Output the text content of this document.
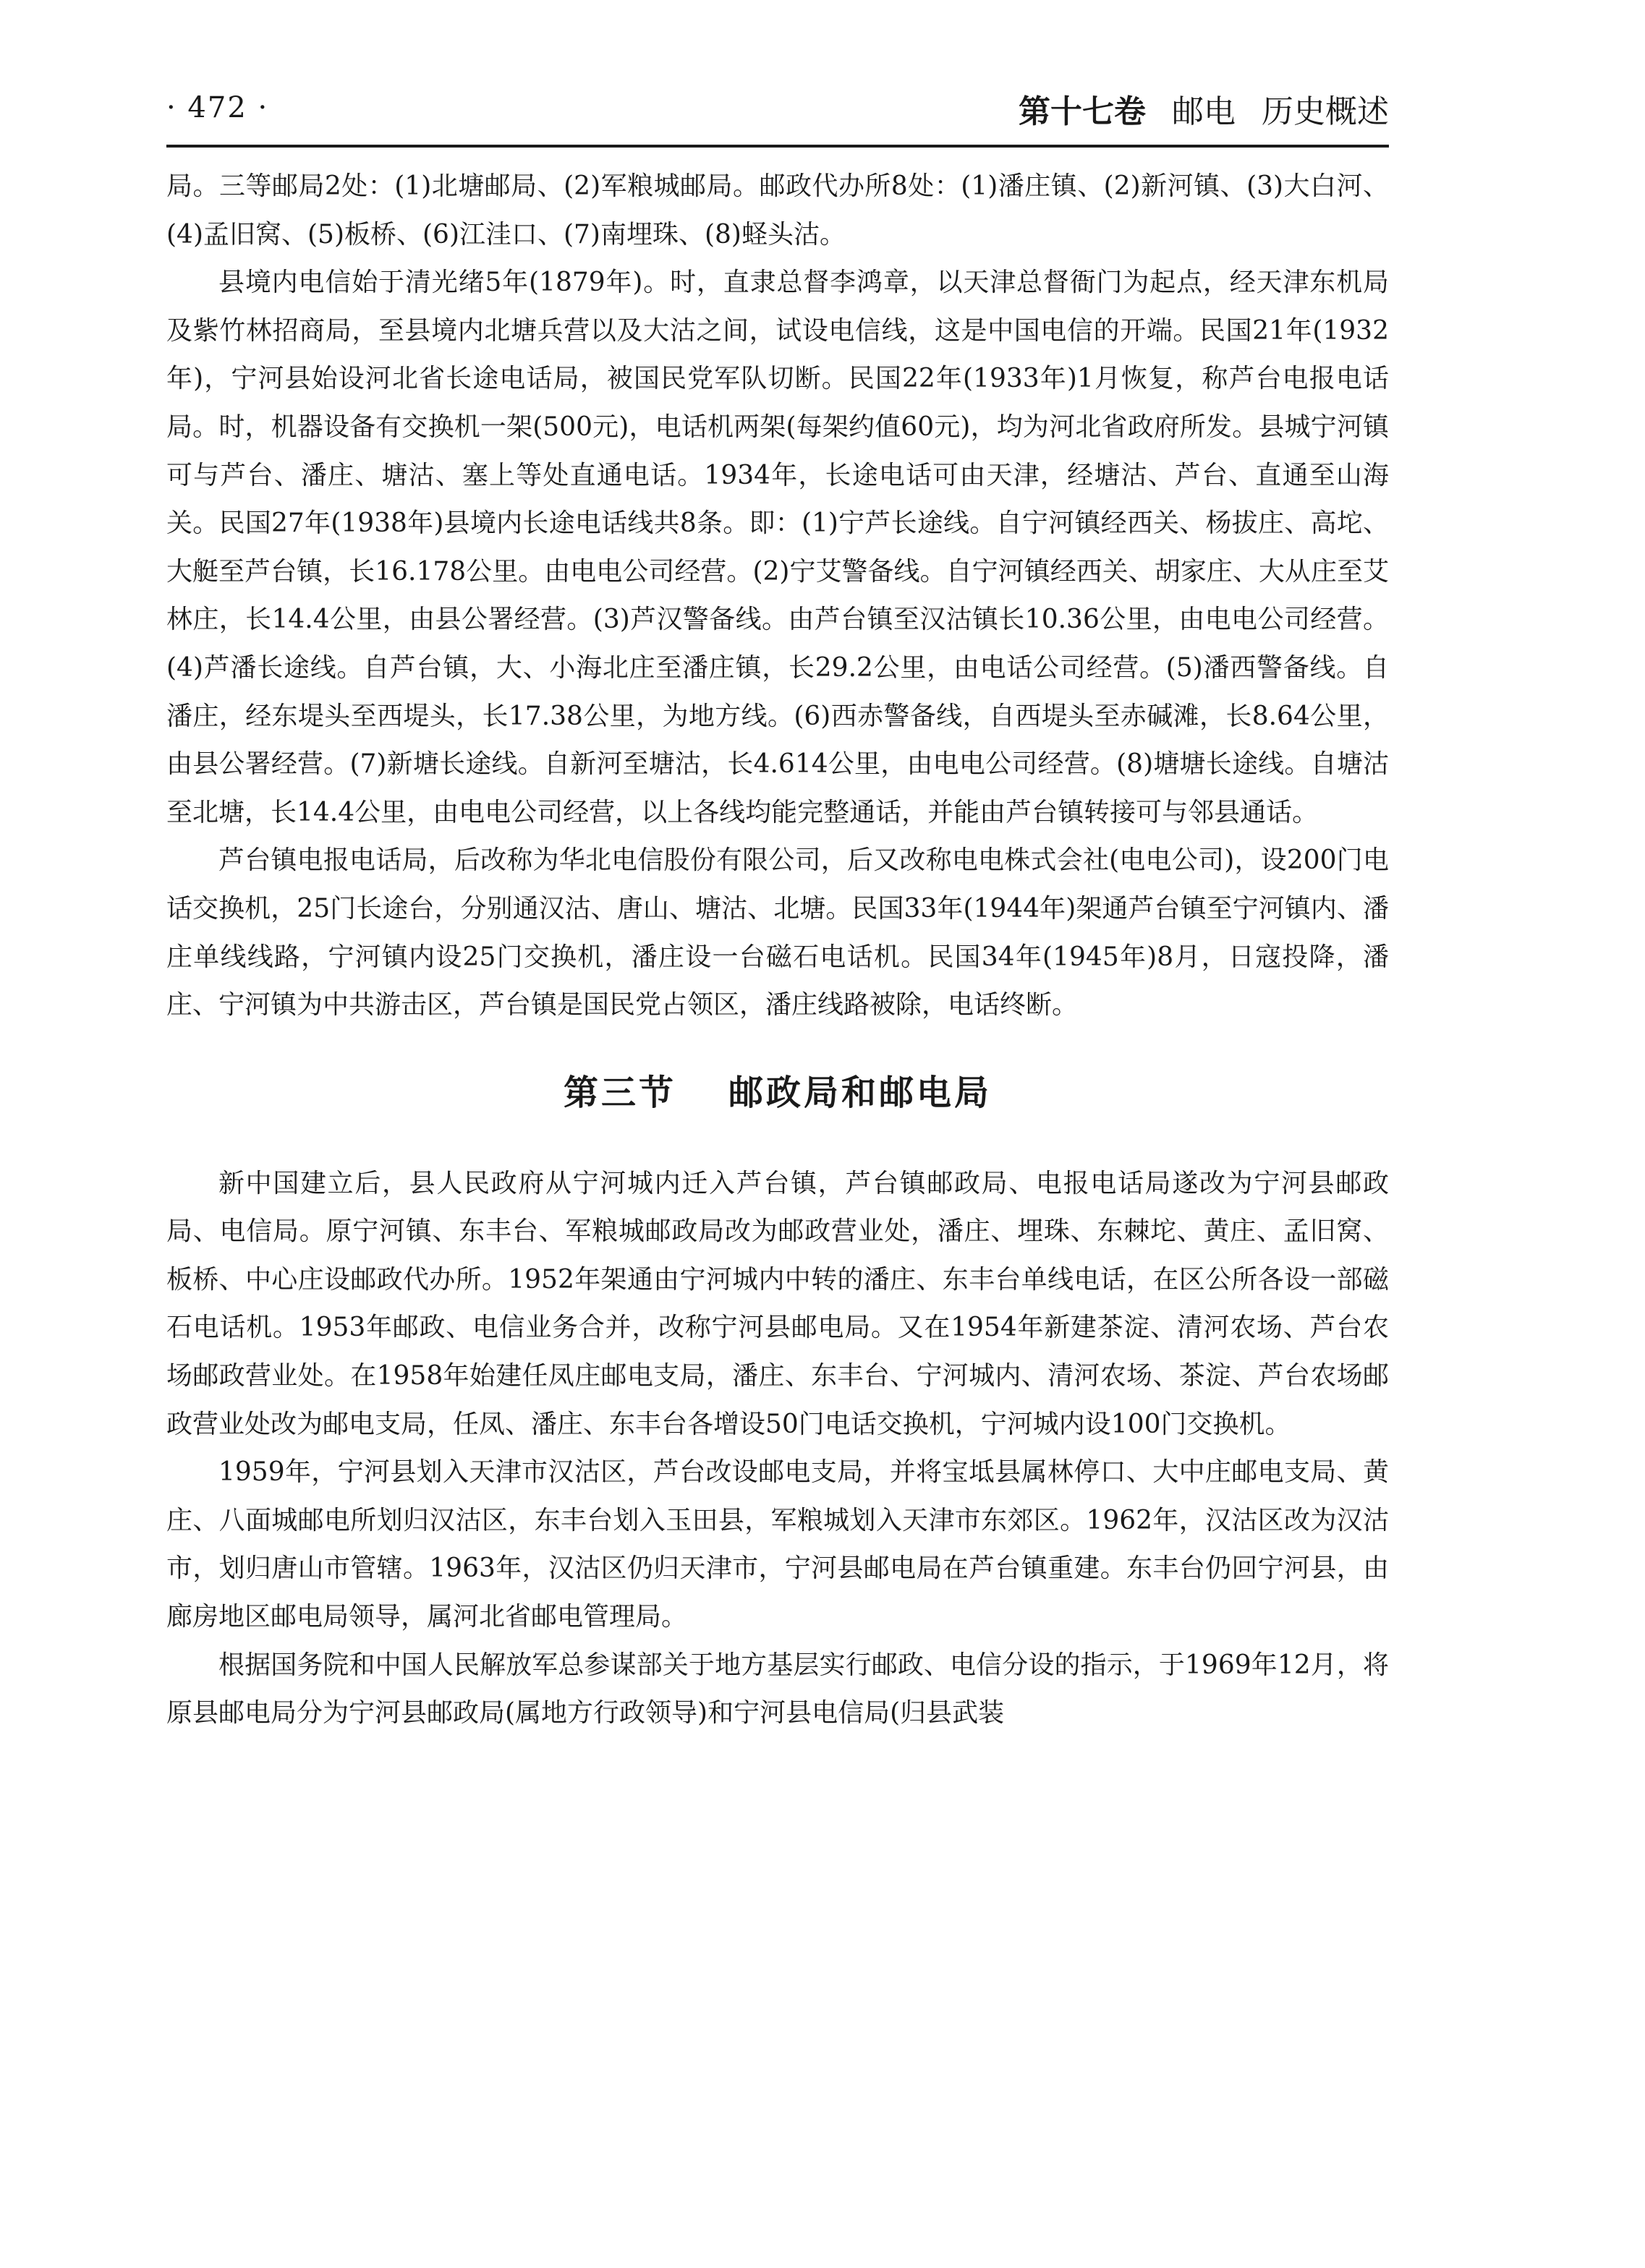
· 472 ·	第十七卷 邮电 历史概述

局。三等邮局2处：(1)北塘邮局、(2)军粮城邮局。邮政代办所8处：(1)潘庄镇、(2)新河镇、(3)大白河、(4)孟旧窝、(5)板桥、(6)江洼口、(7)南埋珠、(8)蛏头沽。

县境内电信始于清光绪5年(1879年)。时，直隶总督李鸿章，以天津总督衙门为起点，经天津东机局及紫竹林招商局，至县境内北塘兵营以及大沽之间，试设电信线，这是中国电信的开端。民国21年(1932年)，宁河县始设河北省长途电话局，被国民党军队切断。民国22年(1933年)1月恢复，称芦台电报电话局。时，机器设备有交换机一架(500元)，电话机两架(每架约值60元)，均为河北省政府所发。县城宁河镇可与芦台、潘庄、塘沽、塞上等处直通电话。1934年，长途电话可由天津，经塘沽、芦台、直通至山海关。民国27年(1938年)县境内长途电话线共8条。即：(1)宁芦长途线。自宁河镇经西关、杨拔庄、高坨、大艇至芦台镇，长16.178公里。由电电公司经营。(2)宁艾警备线。自宁河镇经西关、胡家庄、大从庄至艾林庄，长14.4公里，由县公署经营。(3)芦汉警备线。由芦台镇至汉沽镇长10.36公里，由电电公司经营。(4)芦潘长途线。自芦台镇，大、小海北庄至潘庄镇，长29.2公里，由电话公司经营。(5)潘西警备线。自潘庄，经东堤头至西堤头，长17.38公里，为地方线。(6)西赤警备线，自西堤头至赤碱滩，长8.64公里，由县公署经营。(7)新塘长途线。自新河至塘沽，长4.614公里，由电电公司经营。(8)塘塘长途线。自塘沽至北塘，长14.4公里，由电电公司经营，以上各线均能完整通话，并能由芦台镇转接可与邻县通话。

芦台镇电报电话局，后改称为华北电信股份有限公司，后又改称电电株式会社(电电公司)，设200门电话交换机，25门长途台，分别通汉沽、唐山、塘沽、北塘。民国33年(1944年)架通芦台镇至宁河镇内、潘庄单线线路，宁河镇内设25门交换机，潘庄设一台磁石电话机。民国34年(1945年)8月，日寇投降，潘庄、宁河镇为中共游击区，芦台镇是国民党占领区，潘庄线路被除，电话终断。

第三节 邮政局和邮电局

新中国建立后，县人民政府从宁河城内迁入芦台镇，芦台镇邮政局、电报电话局遂改为宁河县邮政局、电信局。原宁河镇、东丰台、军粮城邮政局改为邮政营业处，潘庄、埋珠、东棘坨、黄庄、孟旧窝、板桥、中心庄设邮政代办所。1952年架通由宁河城内中转的潘庄、东丰台单线电话，在区公所各设一部磁石电话机。1953年邮政、电信业务合并，改称宁河县邮电局。又在1954年新建茶淀、清河农场、芦台农场邮政营业处。在1958年始建任凤庄邮电支局，潘庄、东丰台、宁河城内、清河农场、茶淀、芦台农场邮政营业处改为邮电支局，任凤、潘庄、东丰台各增设50门电话交换机，宁河城内设100门交换机。

1959年，宁河县划入天津市汉沽区，芦台改设邮电支局，并将宝坻县属林停口、大中庄邮电支局、黄庄、八面城邮电所划归汉沽区，东丰台划入玉田县，军粮城划入天津市东郊区。1962年，汉沽区改为汉沽市，划归唐山市管辖。1963年，汉沽区仍归天津市，宁河县邮电局在芦台镇重建。东丰台仍回宁河县，由廊房地区邮电局领导，属河北省邮电管理局。

根据国务院和中国人民解放军总参谋部关于地方基层实行邮政、电信分设的指示，于1969年12月，将原县邮电局分为宁河县邮政局(属地方行政领导)和宁河县电信局(归县武装
